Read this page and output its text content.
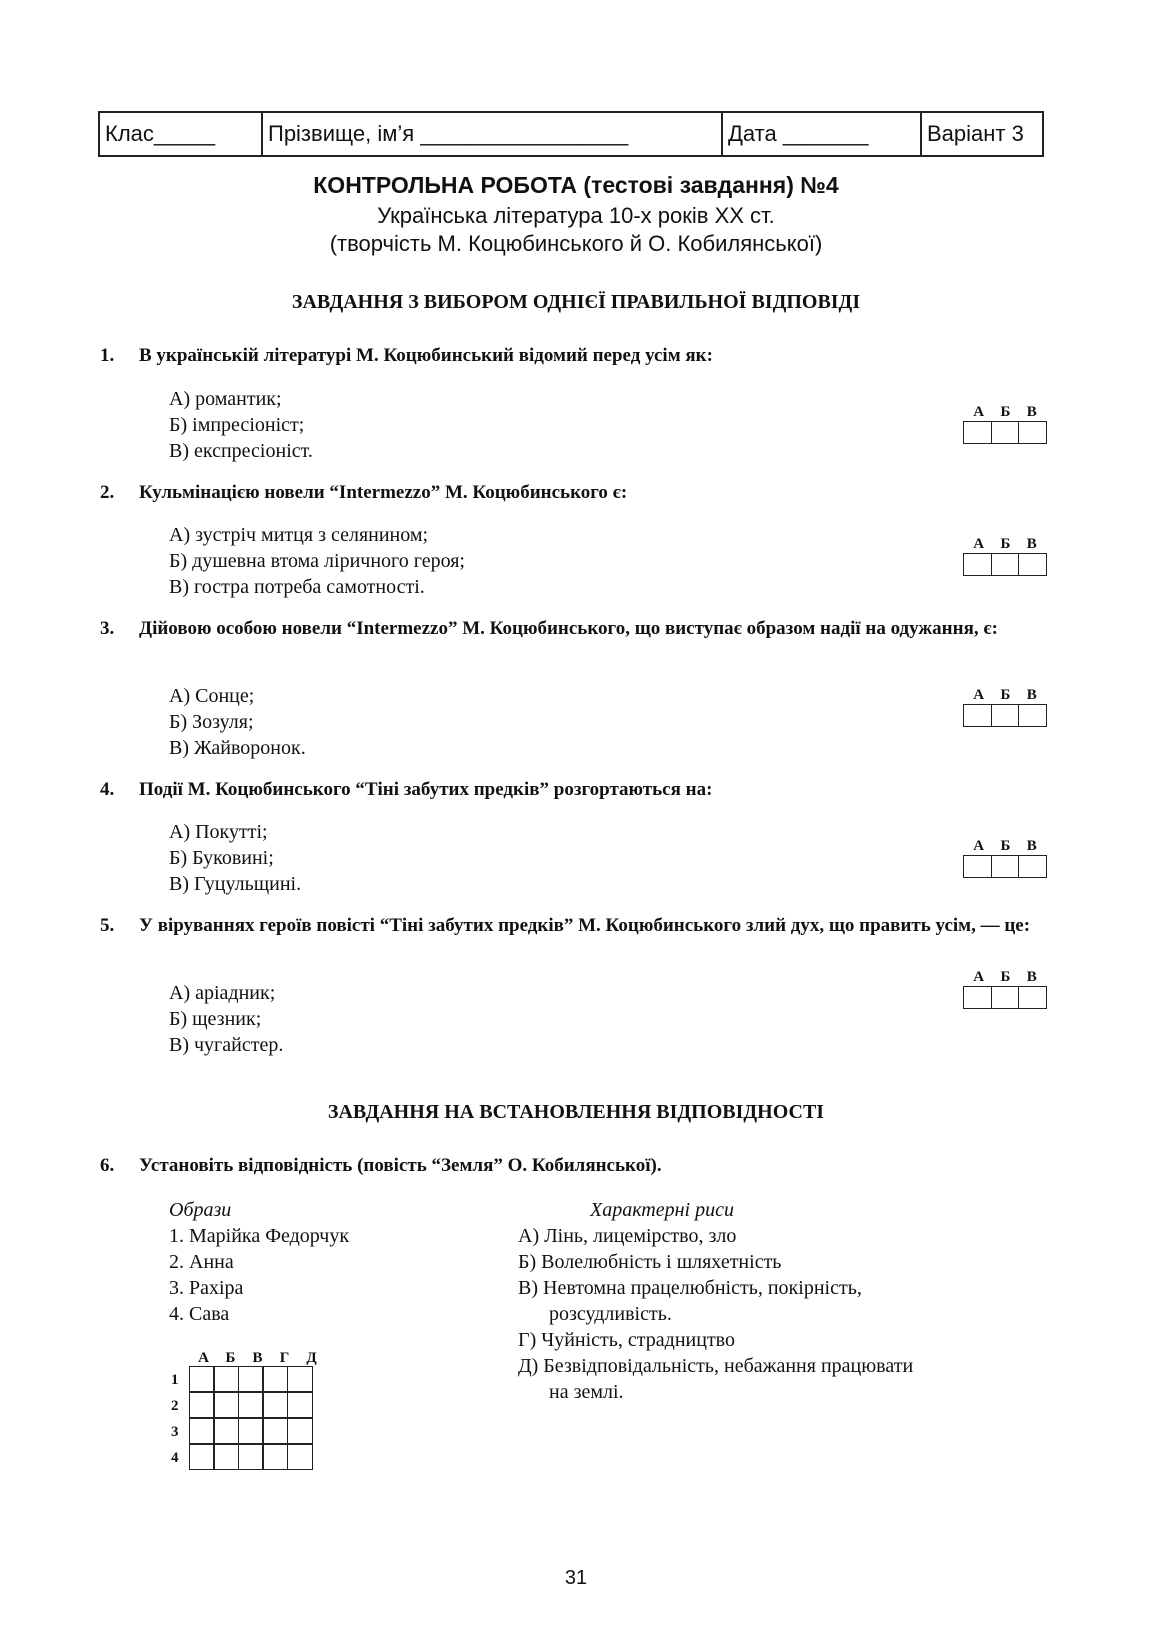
Клас_____	Прізвище, ім’я _________________	Дата _______	Варіант 3
КОНТРОЛЬНА РОБОТА (тестові завдання) №4
Українська література 10-х років ХХ ст.
(творчість М. Коцюбинського й О. Кобилянської)
ЗАВДАННЯ З ВИБОРОМ ОДНІЄЇ ПРАВИЛЬНОЇ ВІДПОВІДІ
1. В українській літературі М. Коцюбинський відомий перед усім як:
А) романтик;
Б) імпресіоніст;
В) експресіоніст.
А Б В
2. Кульмінацією новели “Intermezzo” М. Коцюбинського є:
А) зустріч митця з селянином;
Б) душевна втома ліричного героя;
В) гостра потреба самотності.
А Б В
3. Дійовою особою новели “Intermezzo” М. Коцюбинського, що виступає образом надії на одужання, є:
А) Сонце;
Б) Зозуля;
В) Жайворонок.
А Б В
4. Події М. Коцюбинського “Тіні забутих предків” розгортаються на:
А) Покутті;
Б) Буковині;
В) Гуцульщині.
А Б В
5. У віруваннях героїв повісті “Тіні забутих предків” М. Коцюбинського злий дух, що править усім, — це:
А) аріадник;
Б) щезник;
В) чугайстер.
А Б В
ЗАВДАННЯ НА ВСТАНОВЛЕННЯ ВІДПОВІДНОСТІ
6. Установіть відповідність (повість “Земля” О. Кобилянської).
Образи
1. Марійка Федорчук
2. Анна
3. Рахіра
4. Сава
Характерні риси
А) Лінь, лицемірство, зло
Б) Волелюбність і шляхетність
В) Невтомна працелюбність, покірність,
розсудливість.
Г) Чуйність, страдництво
Д) Безвідповідальність, небажання працювати
на землі.
А	Б	В	Г	Д
1
2
3
4
31
